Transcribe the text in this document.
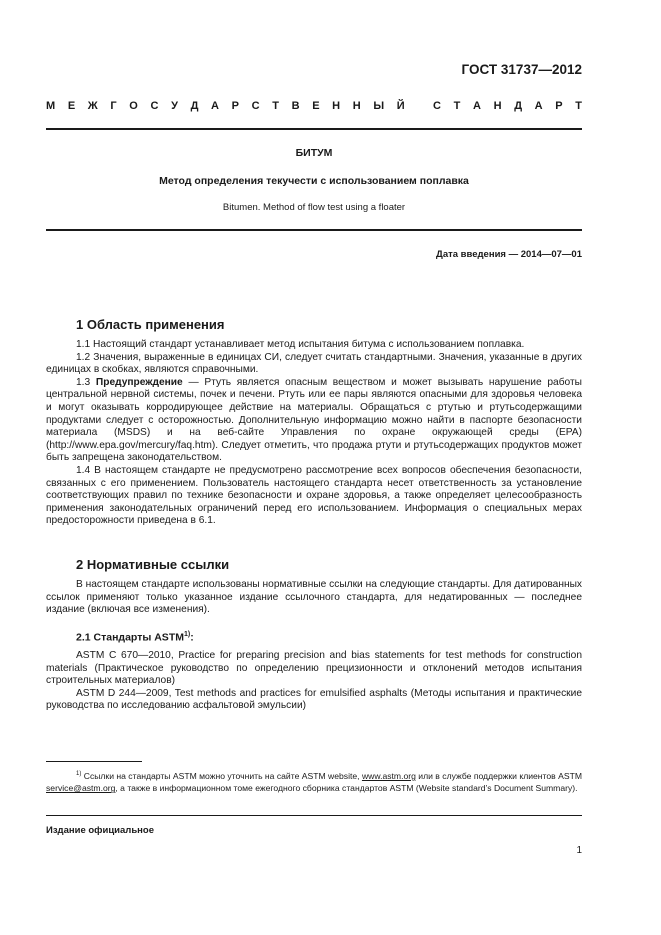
ГОСТ 31737—2012
М Е Ж Г О С У Д А Р С Т В Е Н Н Ы Й
	С Т А Н Д А Р Т
БИТУМ
Метод определения текучести с использованием поплавка
Bitumen. Method of flow test using a floater
Дата введения — 2014—07—01
1 Область применения

1.1 Настоящий стандарт устанавливает метод испытания битума с использованием поплавка.

1.2 Значения, выраженные в единицах СИ, следует считать стандартными. Значения, указанные в других единицах в скобках, являются справочными.

1.3 Предупреждение — Ртуть является опасным веществом и может вызывать нарушение работы центральной нервной системы, почек и печени. Ртуть или ее пары являются опасными для здоровья человека и могут оказывать корродирующее действие на материалы. Обращаться с ртутью и ртутьсодержащими продуктами следует с осторожностью. Дополнительную информацию можно найти в паспорте безопасности материала (MSDS) и на веб-сайте Управления по охране окружающей среды (EPA) (http://www.epa.gov/mercury/faq.htm). Следует отметить, что продажа ртути и ртутьсодержащих продуктов может быть запрещена законодательством.

1.4 В настоящем стандарте не предусмотрено рассмотрение всех вопросов обеспечения безопасности, связанных с его применением. Пользователь настоящего стандарта несет ответственность за установление соответствующих правил по технике безопасности и охране здоровья, а также определяет целесообразность применения законодательных ограничений перед его использованием. Информация о специальных мерах предосторожности приведена в 6.1.

2 Нормативные ссылки

В настоящем стандарте использованы нормативные ссылки на следующие стандарты. Для датированных ссылок применяют только указанное издание ссылочного стандарта, для недатированных — последнее издание (включая все изменения).

2.1 Стандарты ASTM$^{1)}$:

ASTM C 670—2010, Practice for preparing precision and bias statements for test methods for construction materials (Практическое руководство по определению прецизионности и отклонений методов испытания строительных материалов)

ASTM D 244—2009, Test methods and practices for emulsified asphalts (Методы испытания и практические руководства по исследованию асфальтовой эмульсии)

$^{1)}$ Ссылки на стандарты ASTM можно уточнить на сайте ASTM website, www.astm.org или в службе поддержки клиентов ASTM service@astm.org, а также в информационном томе ежегодного сборника стандартов ASTM (Website standard’s Document Summary).

Издание официальное
1
